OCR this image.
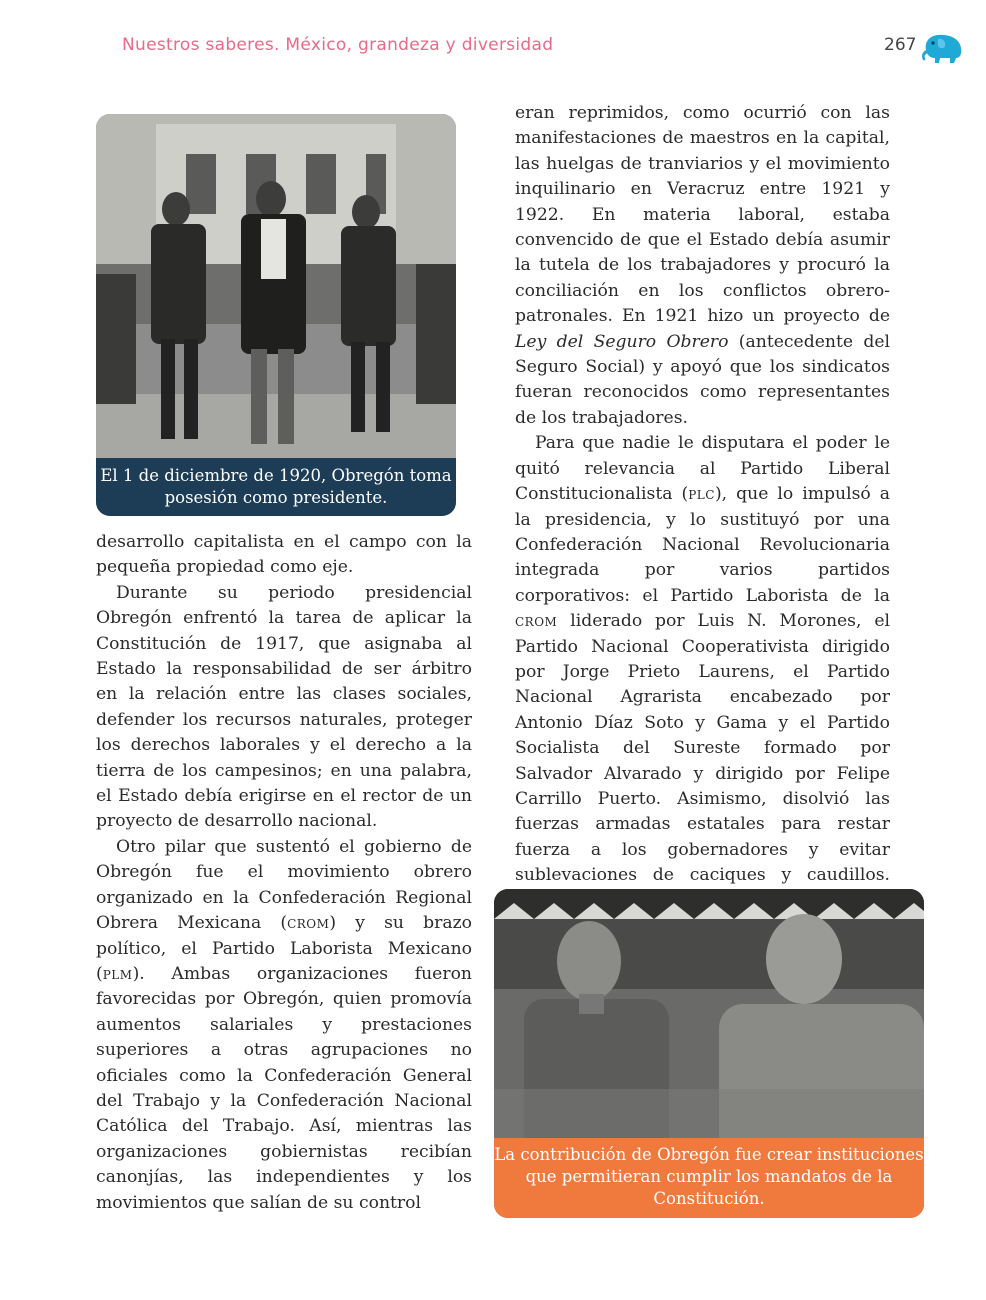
Nuestros saberes. México, grandeza y diversidad	267
El 1 de diciembre de 1920, Obregón toma posesión como presidente.

desarrollo capitalista en el campo con la pequeña propiedad como eje.

Durante su periodo presidencial Obregón enfrentó la tarea de aplicar la Constitución de 1917, que asignaba al Estado la responsabilidad de ser árbitro en la relación entre las clases sociales, defender los recursos naturales, proteger los derechos laborales y el derecho a la tierra de los campesinos; en una palabra, el Estado debía erigirse en el rector de un proyecto de desarrollo nacional.

Otro pilar que sustentó el gobierno de Obregón fue el movimiento obrero organizado en la Confederación Regional Obrera Mexicana (crom) y su brazo político, el Partido Laborista Mexicano (plm). Ambas organizaciones fueron favorecidas por Obregón, quien promovía aumentos salariales y prestaciones superiores a otras agrupaciones no oficiales como la Confederación General del Trabajo y la Confederación Nacional Católica del Trabajo. Así, mientras las organizaciones gobiernistas recibían canonjías, las independientes y los movimientos que salían de su control

eran reprimidos, como ocurrió con las manifestaciones de maestros en la capital, las huelgas de tranviarios y el movimiento inquilinario en Veracruz entre 1921 y 1922. En materia laboral, estaba convencido de que el Estado debía asumir la tutela de los trabajadores y procuró la conciliación en los conflictos obrero-patronales. En 1921 hizo un proyecto de Ley del Seguro Obrero (antecedente del Seguro Social) y apoyó que los sindicatos fueran reconocidos como representantes de los trabajadores.

Para que nadie le disputara el poder le quitó relevancia al Partido Liberal Constitucionalista (plc), que lo impulsó a la presidencia, y lo sustituyó por una Confederación Nacional Revolucionaria integrada por varios partidos corporativos: el Partido Laborista de la crom liderado por Luis N. Morones, el Partido Nacional Cooperativista dirigido por Jorge Prieto Laurens, el Partido Nacional Agrarista encabezado por Antonio Díaz Soto y Gama y el Partido Socialista del Sureste formado por Salvador Alvarado y dirigido por Felipe Carrillo Puerto. Asimismo, disolvió las fuerzas armadas estatales para restar fuerza a los gobernadores y evitar sublevaciones de caciques y caudillos.

La contribución de Obregón fue crear instituciones que permitieran cumplir los mandatos de la Constitución.
